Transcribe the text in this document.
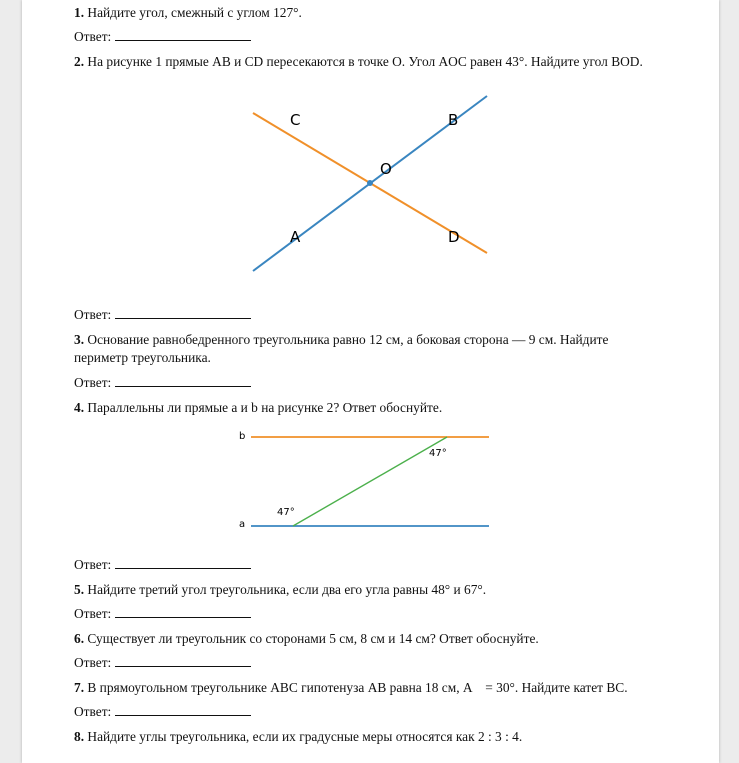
1. Найдите угол, смежный с углом 127°.
Ответ:
2. На рисунке 1 прямые AB и CD пересекаются в точке O. Угол AOC равен 43°. Найдите угол BOD.
C	B
O
A	D
Ответ:
3. Основание равнобедренного треугольника равно 12 см, а боковая сторона — 9 см. Найдите
периметр треугольника.
Ответ:
4. Параллельны ли прямые a и b на рисунке 2? Ответ обоснуйте.
b
a
47°
47°
Ответ:
5. Найдите третий угол треугольника, если два его угла равны 48° и 67°.
Ответ:
6. Существует ли треугольник со сторонами 5 см, 8 см и 14 см? Ответ обоснуйте.
Ответ:
7. В прямоугольном треугольнике ABC гипотенуза AB равна 18 см, A    = 30°. Найдите катет BC.
Ответ:
8. Найдите углы треугольника, если их градусные меры относятся как 2 : 3 : 4.
